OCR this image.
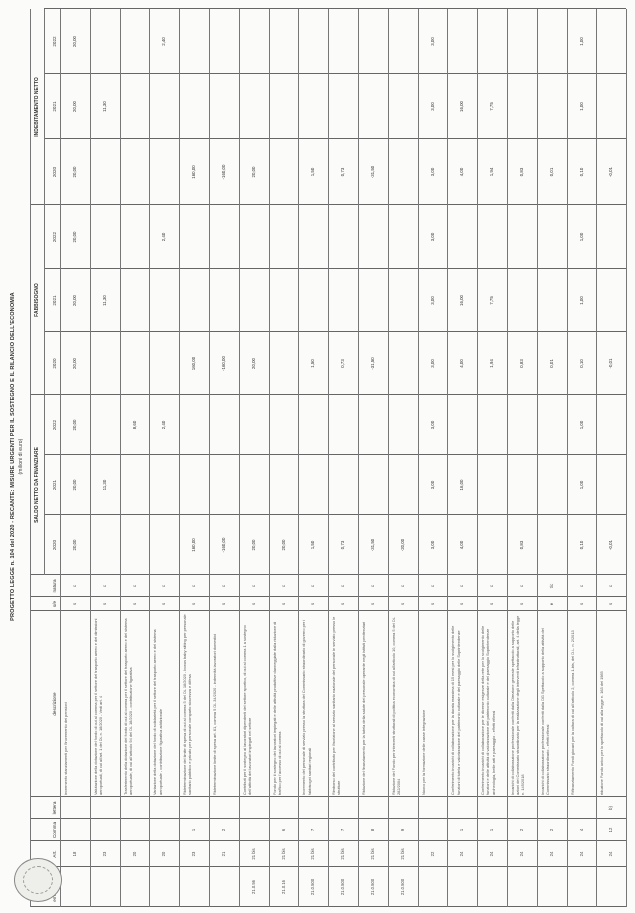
PROGETTO LEGGE n. 104 del 2020 - RECANTE: MISURE URGENTI PER IL SOSTEGNO E IL RILANCIO DELL'ECONOMIA (milioni di euro)
Art.
Comma
lettera
descrizione
s/e
natura
SALDO NETTO DA FINANZIARE
FABBISOGNO
INDEBITAMENTO NETTO
2020
2021
2022
2020
2021
2022
2020
2021
2022
18
incremento stanziamenti per l'incremento dei pensioni
s
c
20,00
20,00
20,00
20,00
20,00
20,00
20,00
20,00
20,00
23
Valutazione della dotazione del fondo di cui al comma per il settore del trasporto aereo e del dimissioni aeroportuali, di cui all'art. 1 del DL n. 18/2020 - Vedi art. 4
s
c
11,30
11,30
11,30
20
Trasferimento della dotazione del fondo di cui al comma per il settore del trasporto aereo e del sistema aeroportuale, di cui all'articolo 94 del DL 18/2020 - contribuzione figurativa
s
c
8,60
20
Variazione della dotazione del fondo di solidarietà per il settore del trasporto aereo e del sistema aeroportuale - contribuzione figurativa addizionale
s
c
2,40
2,40
2,40
23
1
Rideterminazione del limite di spesa di cui al comma 5 del DL 18/2020 - bonus baby sitting per personale sanitario pubblico e privato per personale comparto sicurezza e difesa
s
c
160,00
160,00
160,00
21
2
Rideterminazione limite di spesa art. 81, comma 5 DL 34/2020 - indennità lavoratori domestici
s
c
-160,00
-160,00
-160,00
21.0.56
21 bis
Contributi per il sostegno ai lavoratori dipendenti del settore sportivo, di cui al comma 1 a sostegno dell'attività dei lavoratori impiegati nel settore
s
c
20,00
20,00
20,00
21.0.16
21 bis
6
Fondo per il sostegno dei lavoratori impiegati e delle attività produttive danneggiate dalla riduzione di traffico per l'accesso di cui al comma
s
c
20,00
21.0.500
21 bis
7
Incremento del personale di servizio presso la struttura del Commissario straordinario di governo per i fabbisogni sanitari regionali
s
c
1,50
1,50
1,50
21.0.500
21 bis
7
Rimborso del contributo per l'iscrizione al servizio sanitario nazionale del personale in servizio presso le strutture
s
c
0,73
0,73
0,73
21.0.500
21 bis
8
Riduzione del finanziamento per la tutela della salute del personale operante negli istituti penitenziari
s
c
-31,50
-31,50
-31,50
21.0.500
21 bis
9
Riduzione del Fondo per interventi strutturali di politica economica di cui all'articolo 10, comma 5 del DL 282/2004
s
c
-20,00
22
Nuovo per la formazione delle casse integrazione
s
c
3,00
3,00
3,00
3,00
3,00
3,00
3,00
3,00
3,00
24
1
Conferimento incarichi di collaborazione per la durata massima di 15 mesi per lo svolgimento delle funzioni di tutela e valorizzazione del patrimonio culturale e del paesaggio delle Soprintendenze
s
c
4,00
16,00
4,00
16,00
4,00
16,00
24
1
Conferimento incarichi di collaborazione per le diverse esigenze della rete per lo svolgimento delle funzioni e delle attività di valorizzazione del patrimonio culturale e del paesaggio Soprintendenze archeologia, belle arti e paesaggio - effetti riflessi
s
c
1,94
7,75
1,94
7,75
24
2
Incarichi di collaborazione professionale conferiti dalla Direzione generale spettacolo a supporto delle azioni del Commissario straordinario per la realizzazione degli interventi infrastrutturali, art. 4 della legge n. 145/2018
s
c
0,83
0,83
0,83
24
2
Incarichi di collaborazione professionale conferiti dalla DG Spettacolo a supporto della attività del Commissario straordinario - effetti riflessi
e
t/c
0,01
0,01
24
4
Rifinanziamento Fondi giovani per la cultura di cui all'articolo 2, comma 1-bis, del D.L. n. 2/2013
s
c
0,10
1,00
1,00
0,10
1,00
1,00
0,10
1,00
1,00
24
12
b)
riduzione Fondo unico per lo spettacolo di cui alla legge n. 163 del 1985
s
c
-0,01
-0,01
-0,01
